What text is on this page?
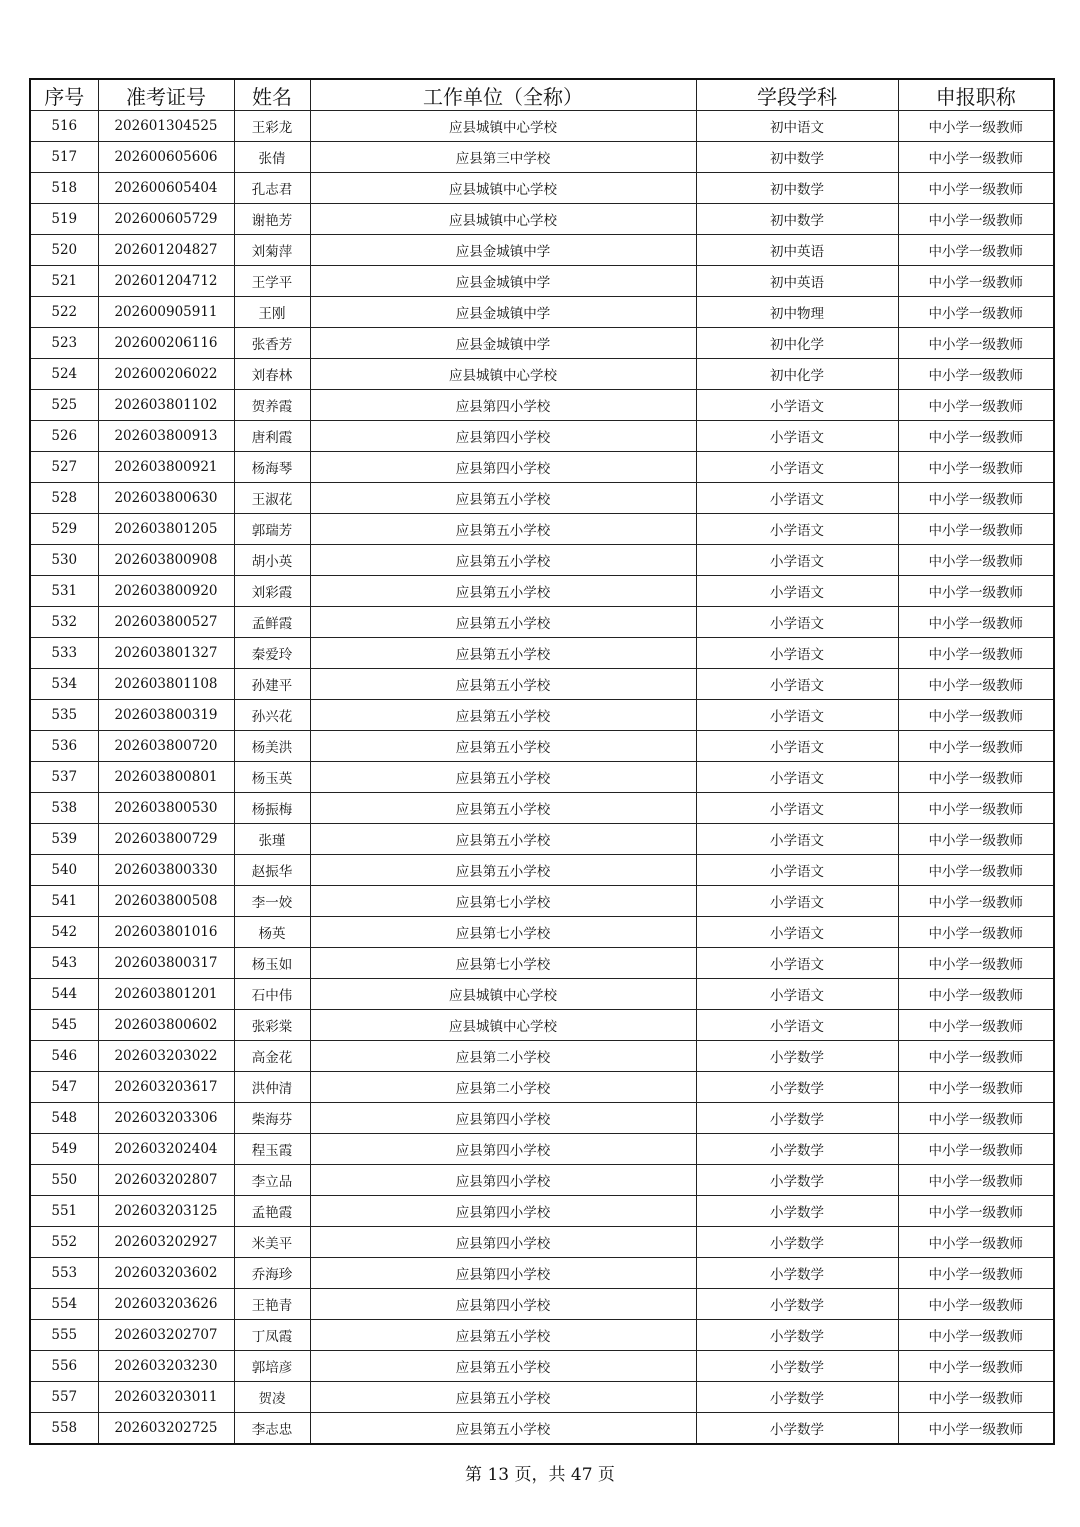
序号	准考证号	姓名	工作单位（全称）	学段学科	申报职称
516	202601304525	王彩龙	应县城镇中心学校	初中语文	中小学一级教师
517	202600605606	张倩	应县第三中学校	初中数学	中小学一级教师
518	202600605404	孔志君	应县城镇中心学校	初中数学	中小学一级教师
519	202600605729	谢艳芳	应县城镇中心学校	初中数学	中小学一级教师
520	202601204827	刘菊萍	应县金城镇中学	初中英语	中小学一级教师
521	202601204712	王学平	应县金城镇中学	初中英语	中小学一级教师
522	202600905911	王刚	应县金城镇中学	初中物理	中小学一级教师
523	202600206116	张香芳	应县金城镇中学	初中化学	中小学一级教师
524	202600206022	刘春林	应县城镇中心学校	初中化学	中小学一级教师
525	202603801102	贺养霞	应县第四小学校	小学语文	中小学一级教师
526	202603800913	唐利霞	应县第四小学校	小学语文	中小学一级教师
527	202603800921	杨海琴	应县第四小学校	小学语文	中小学一级教师
528	202603800630	王淑花	应县第五小学校	小学语文	中小学一级教师
529	202603801205	郭瑞芳	应县第五小学校	小学语文	中小学一级教师
530	202603800908	胡小英	应县第五小学校	小学语文	中小学一级教师
531	202603800920	刘彩霞	应县第五小学校	小学语文	中小学一级教师
532	202603800527	孟鲜霞	应县第五小学校	小学语文	中小学一级教师
533	202603801327	秦爱玲	应县第五小学校	小学语文	中小学一级教师
534	202603801108	孙建平	应县第五小学校	小学语文	中小学一级教师
535	202603800319	孙兴花	应县第五小学校	小学语文	中小学一级教师
536	202603800720	杨美洪	应县第五小学校	小学语文	中小学一级教师
537	202603800801	杨玉英	应县第五小学校	小学语文	中小学一级教师
538	202603800530	杨振梅	应县第五小学校	小学语文	中小学一级教师
539	202603800729	张瑾	应县第五小学校	小学语文	中小学一级教师
540	202603800330	赵振华	应县第五小学校	小学语文	中小学一级教师
541	202603800508	李一姣	应县第七小学校	小学语文	中小学一级教师
542	202603801016	杨英	应县第七小学校	小学语文	中小学一级教师
543	202603800317	杨玉如	应县第七小学校	小学语文	中小学一级教师
544	202603801201	石中伟	应县城镇中心学校	小学语文	中小学一级教师
545	202603800602	张彩棠	应县城镇中心学校	小学语文	中小学一级教师
546	202603203022	高金花	应县第二小学校	小学数学	中小学一级教师
547	202603203617	洪仲清	应县第二小学校	小学数学	中小学一级教师
548	202603203306	柴海芬	应县第四小学校	小学数学	中小学一级教师
549	202603202404	程玉霞	应县第四小学校	小学数学	中小学一级教师
550	202603202807	李立品	应县第四小学校	小学数学	中小学一级教师
551	202603203125	孟艳霞	应县第四小学校	小学数学	中小学一级教师
552	202603202927	米美平	应县第四小学校	小学数学	中小学一级教师
553	202603203602	乔海珍	应县第四小学校	小学数学	中小学一级教师
554	202603203626	王艳青	应县第四小学校	小学数学	中小学一级教师
555	202603202707	丁凤霞	应县第五小学校	小学数学	中小学一级教师
556	202603203230	郭培彦	应县第五小学校	小学数学	中小学一级教师
557	202603203011	贺凌	应县第五小学校	小学数学	中小学一级教师
558	202603202725	李志忠	应县第五小学校	小学数学	中小学一级教师
第 13 页，共 47 页
